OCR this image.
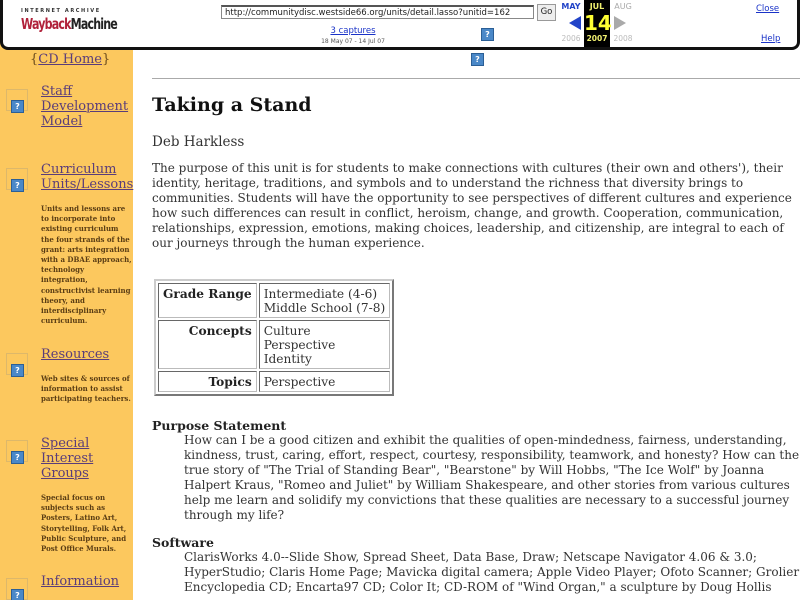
{CD Home}
?
Staff
Development
Model
?
Curriculum
Units/Lessons
Units and lessons are to incorporate into existing curriculum the four strands of the grant: arts integration with a DBAE approach, technology integration, constructivist learning theory, and interdisciplinary curriculum.
?
Resources
Web sites & sources of information to assist participating teachers.
?
Special
Interest
Groups
Special focus on subjects such as Posters, Latino Art, Storytelling, Folk Art, Public Sculpture, and Post Office Murals.
?
Information
?
Taking a Stand
Deb Harkless
The purpose of this unit is for students to make connections with cultures (their own and others'), their identity, heritage, traditions, and symbols and to understand the richness that diversity brings to communities. Students will have the opportunity to see perspectives of different cultures and experience how such differences can result in conflict, heroism, change, and growth. Cooperation, communication, relationships, expression, emotions, making choices, leadership, and citizenship, are integral to each of our journeys through the human experience.
Grade Range	Intermediate (4-6)
Middle School (7-8)
Concepts	Culture
Perspective
Identity
Topics	Perspective
Purpose Statement
How can I be a good citizen and exhibit the qualities of open-mindedness, fairness, understanding, kindness, trust, caring, effort, respect, courtesy, responsibility, teamwork, and honesty? How can the true story of "The Trial of Standing Bear", "Bearstone" by Will Hobbs, "The Ice Wolf" by Joanna Halpert Kraus, "Romeo and Juliet" by William Shakespeare, and other stories from various cultures help me learn and solidify my convictions that these qualities are necessary to a successful journey through my life?
Software
ClarisWorks 4.0--Slide Show, Spread Sheet, Data Base, Draw; Netscape Navigator 4.06 & 3.0; HyperStudio; Claris Home Page; Mavicka digital camera; Apple Video Player; Ofoto Scanner; Grolier Encyclopedia CD; Encarta97 CD; Color It; CD-ROM of "Wind Organ," a sculpture by Doug Hollis
INTERNET ARCHIVE
WaybackMachine
http://communitydisc.westside66.org/units/detail.lasso?unitid=162	Go
3 captures
18 May 07 - 14 Jul 07
?
MAY
2006
JUL
14
2007
AUG
2008
Close
Help
